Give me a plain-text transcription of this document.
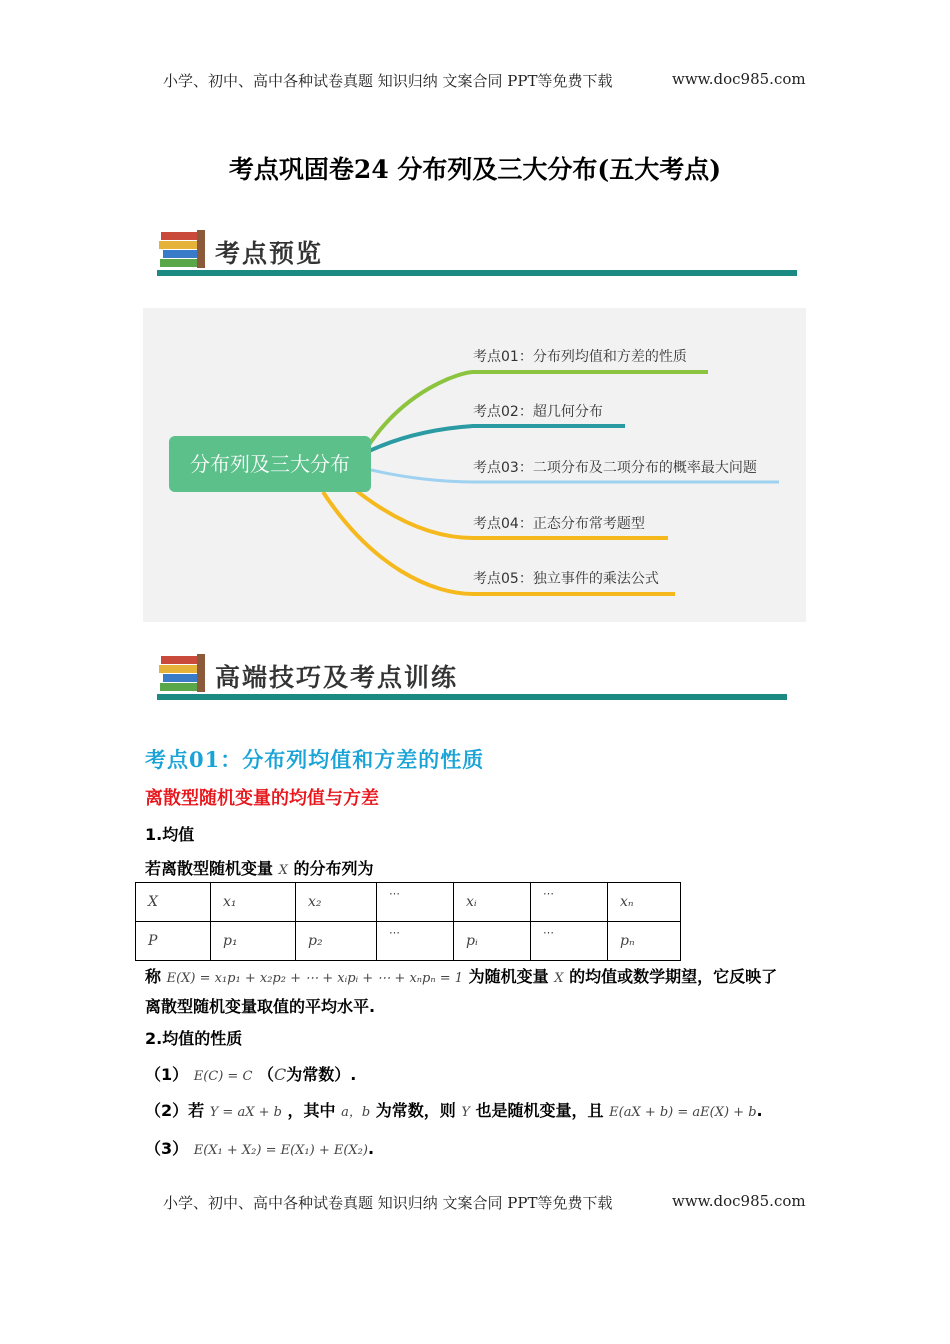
小学、初中、高中各种试卷真题 知识归纳 文案合同 PPT等免费下载	www.doc985.com
考点巩固卷24 分布列及三大分布(五大考点)
考点预览
分布列及三大分布
考点01：分布列均值和方差的性质
考点02：超几何分布
考点03：二项分布及二项分布的概率最大问题
考点04：正态分布常考题型
考点05：独立事件的乘法公式
高端技巧及考点训练
考点01：分布列均值和方差的性质
离散型随机变量的均值与方差
1.均值
若离散型随机变量 X 的分布列为
X	x₁	x₂	⋯	xᵢ	⋯	xₙ
P	p₁	p₂	⋯	pᵢ	⋯	pₙ
称 E(X) = x₁p₁ + x₂p₂ + ⋯ + xᵢpᵢ + ⋯ + xₙpₙ = 1 为随机变量 X 的均值或数学期望，它反映了
离散型随机变量取值的平均水平.
2.均值的性质
（1） E(C) = C （C为常数）.
（2）若 Y = aX + b ，其中 a，b 为常数，则 Y 也是随机变量，且 E(aX + b) = aE(X) + b.
（3） E(X₁ + X₂) = E(X₁) + E(X₂).
小学、初中、高中各种试卷真题 知识归纳 文案合同 PPT等免费下载	www.doc985.com
